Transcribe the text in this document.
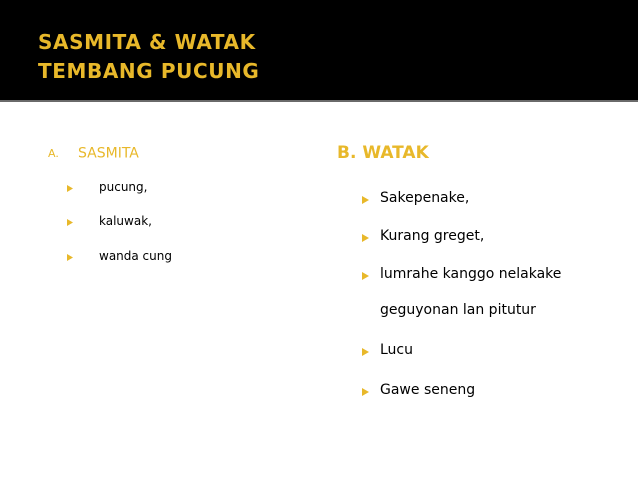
SASMITA & WATAK
TEMBANG PUCUNG
A. SASMITA
pucung,
kaluwak,
wanda cung
B. WATAK
Sakepenake,
Kurang greget,
lumrahe kanggo nelakake
geguyonan lan pitutur
Lucu
Gawe seneng
